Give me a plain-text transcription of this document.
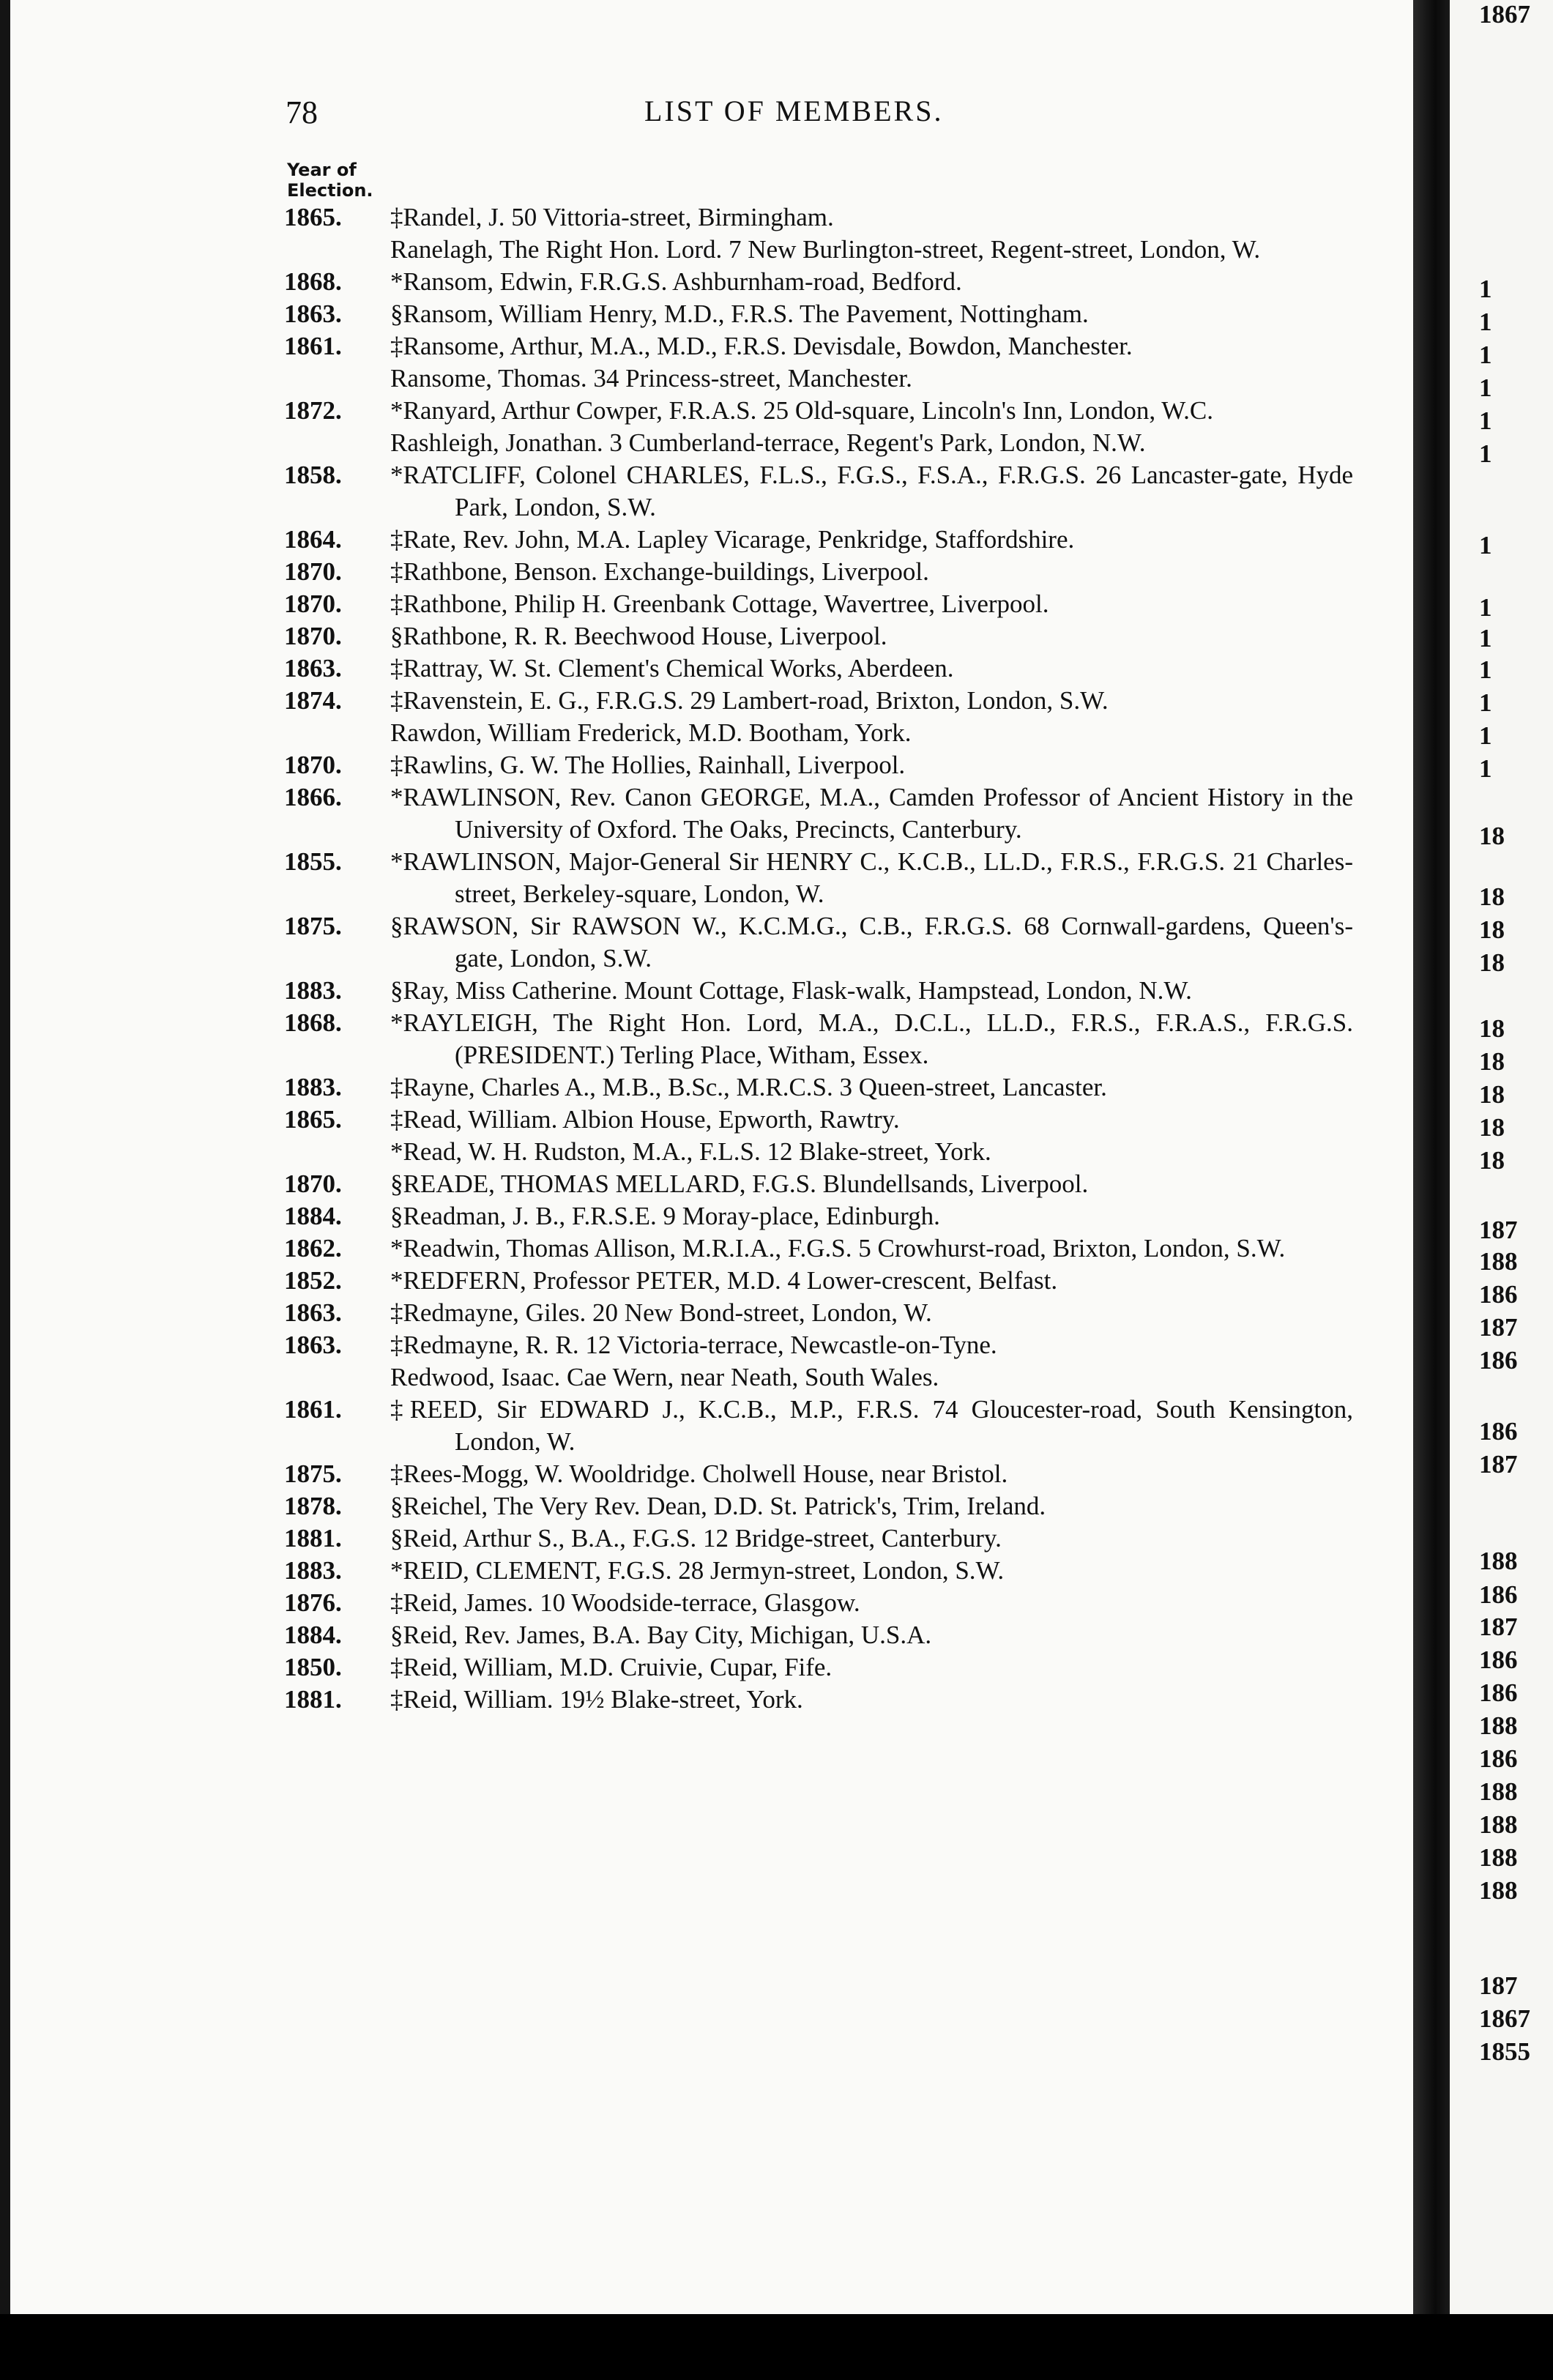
78	LIST OF MEMBERS.
Year of
Election.
1865. ‡Randel, J. 50 Vittoria-street, Birmingham.
Ranelagh, The Right Hon. Lord. 7 New Burlington-street, Regent-street, London, W.
1868. *Ransom, Edwin, F.R.G.S. Ashburnham-road, Bedford.
1863. §Ransom, William Henry, M.D., F.R.S. The Pavement, Nottingham.
1861. ‡Ransome, Arthur, M.A., M.D., F.R.S. Devisdale, Bowdon, Manchester.
Ransome, Thomas. 34 Princess-street, Manchester.
1872. *Ranyard, Arthur Cowper, F.R.A.S. 25 Old-square, Lincoln's Inn, London, W.C.
Rashleigh, Jonathan. 3 Cumberland-terrace, Regent's Park, London, N.W.
1858. *RATCLIFF, Colonel CHARLES, F.L.S., F.G.S., F.S.A., F.R.G.S. 26 Lancaster-gate, Hyde Park, London, S.W.
1864. ‡Rate, Rev. John, M.A. Lapley Vicarage, Penkridge, Staffordshire.
1870. ‡Rathbone, Benson. Exchange-buildings, Liverpool.
1870. ‡Rathbone, Philip H. Greenbank Cottage, Wavertree, Liverpool.
1870. §Rathbone, R. R. Beechwood House, Liverpool.
1863. ‡Rattray, W. St. Clement's Chemical Works, Aberdeen.
1874. ‡Ravenstein, E. G., F.R.G.S. 29 Lambert-road, Brixton, London, S.W.
Rawdon, William Frederick, M.D. Bootham, York.
1870. ‡Rawlins, G. W. The Hollies, Rainhall, Liverpool.
1866. *RAWLINSON, Rev. Canon GEORGE, M.A., Camden Professor of Ancient History in the University of Oxford. The Oaks, Precincts, Canterbury.
1855. *RAWLINSON, Major-General Sir HENRY C., K.C.B., LL.D., F.R.S., F.R.G.S. 21 Charles-street, Berkeley-square, London, W.
1875. §RAWSON, Sir RAWSON W., K.C.M.G., C.B., F.R.G.S. 68 Cornwall-gardens, Queen's-gate, London, S.W.
1883. §Ray, Miss Catherine. Mount Cottage, Flask-walk, Hampstead, London, N.W.
1868. *RAYLEIGH, The Right Hon. Lord, M.A., D.C.L., LL.D., F.R.S., F.R.A.S., F.R.G.S. (PRESIDENT.) Terling Place, Witham, Essex.
1883. ‡Rayne, Charles A., M.B., B.Sc., M.R.C.S. 3 Queen-street, Lancaster.
1865. ‡Read, William. Albion House, Epworth, Rawtry.
*Read, W. H. Rudston, M.A., F.L.S. 12 Blake-street, York.
1870. §READE, THOMAS MELLARD, F.G.S. Blundellsands, Liverpool.
1884. §Readman, J. B., F.R.S.E. 9 Moray-place, Edinburgh.
1862. *Readwin, Thomas Allison, M.R.I.A., F.G.S. 5 Crowhurst-road, Brixton, London, S.W.
1852. *REDFERN, Professor PETER, M.D. 4 Lower-crescent, Belfast.
1863. ‡Redmayne, Giles. 20 New Bond-street, London, W.
1863. ‡Redmayne, R. R. 12 Victoria-terrace, Newcastle-on-Tyne.
Redwood, Isaac. Cae Wern, near Neath, South Wales.
1861. ‡REED, Sir EDWARD J., K.C.B., M.P., F.R.S. 74 Gloucester-road, South Kensington, London, W.
1875. ‡Rees-Mogg, W. Wooldridge. Cholwell House, near Bristol.
1878. §Reichel, The Very Rev. Dean, D.D. St. Patrick's, Trim, Ireland.
1881. §Reid, Arthur S., B.A., F.G.S. 12 Bridge-street, Canterbury.
1883. *REID, CLEMENT, F.G.S. 28 Jermyn-street, London, S.W.
1876. ‡Reid, James. 10 Woodside-terrace, Glasgow.
1884. §Reid, Rev. James, B.A. Bay City, Michigan, U.S.A.
1850. ‡Reid, William, M.D. Cruivie, Cupar, Fife.
1881. ‡Reid, William. 19½ Blake-street, York.
1
1
1
1
1
1
1
1
1
1
1
1
1
18
18
18
18
18
18
18
18
18
187
188
186
187
186
186
187
188
186
187
186
186
188
186
188
188
188
188
187
1867
1855
1867
